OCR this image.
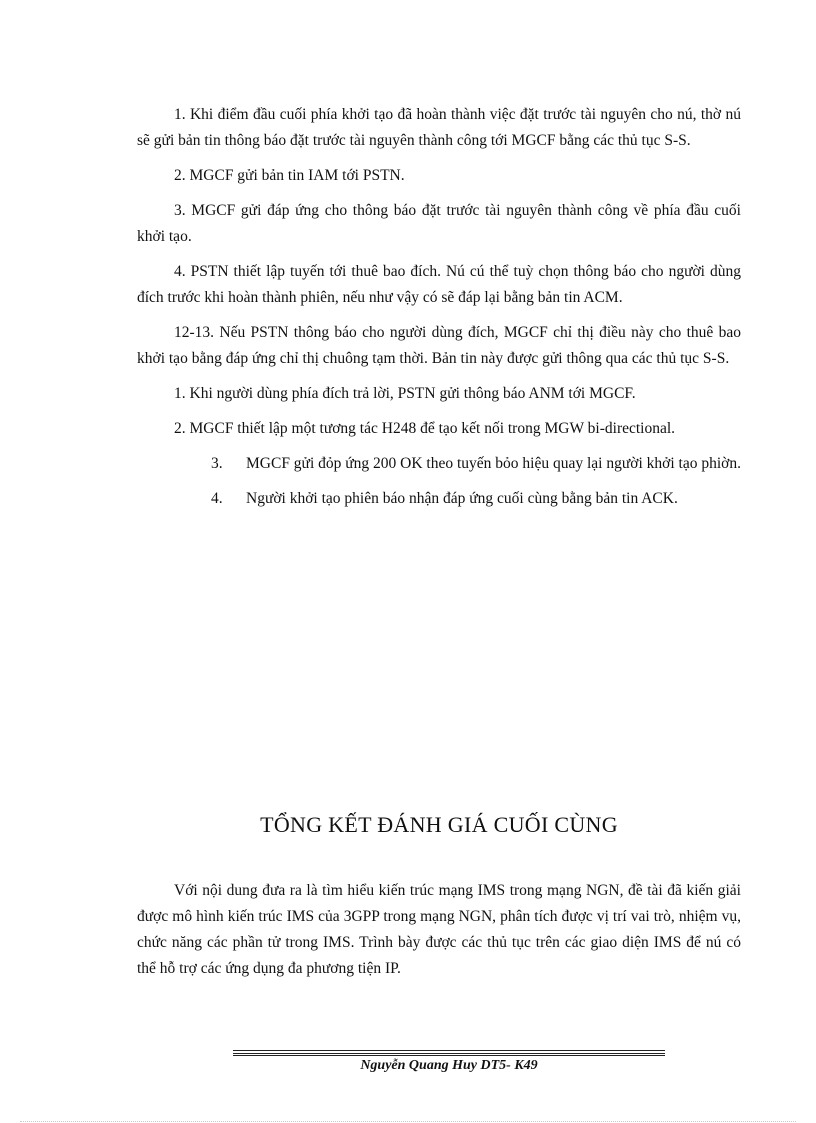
1. Khi điểm đầu cuối phía khởi tạo đã hoàn thành việc đặt trước tài nguyên cho nú, thờ nú sẽ gửi bản tin thông báo đặt trước tài nguyên thành công tới MGCF bằng các thủ tục S-S.

2. MGCF gửi bản tin IAM tới PSTN.

3. MGCF gửi đáp ứng cho thông báo đặt trước tài nguyên thành công về phía đầu cuối khởi tạo.

4. PSTN thiết lập tuyến tới thuê bao đích. Nú cú thể tuỳ chọn thông báo cho người dùng đích trước khi hoàn thành phiên, nếu như vậy có sẽ đáp lại bằng bản tin ACM.

12-13. Nếu PSTN thông báo cho người dùng đích, MGCF chỉ thị điều này cho thuê bao khởi tạo bằng đáp ứng chỉ thị chuông tạm thời. Bản tin này được gửi thông qua các thủ tục S-S.

1. Khi người dùng phía đích trả lời, PSTN gửi thông báo ANM tới MGCF.

2. MGCF thiết lập một tương tác H248 để tạo kết nối trong MGW bi-directional.

3. MGCF gửi đỏp ứng 200 OK theo tuyến bỏo hiệu quay lại người khởi tạo phiờn.

4. Người khởi tạo phiên báo nhận đáp ứng cuối cùng bằng bản tin ACK.

TỔNG KẾT ĐÁNH GIÁ CUỐI CÙNG

Với nội dung đưa ra là tìm hiểu kiến trúc mạng IMS trong mạng NGN, đề tài đã kiến giải được mô hình kiến trúc IMS của 3GPP trong mạng NGN, phân tích được vị trí vai trò, nhiệm vụ, chức năng các phần tử trong IMS. Trình bày được các thủ tục trên các giao diện IMS để nú có thể hỗ trợ các ứng dụng đa phương tiện IP.

Nguyễn Quang Huy DT5- K49
